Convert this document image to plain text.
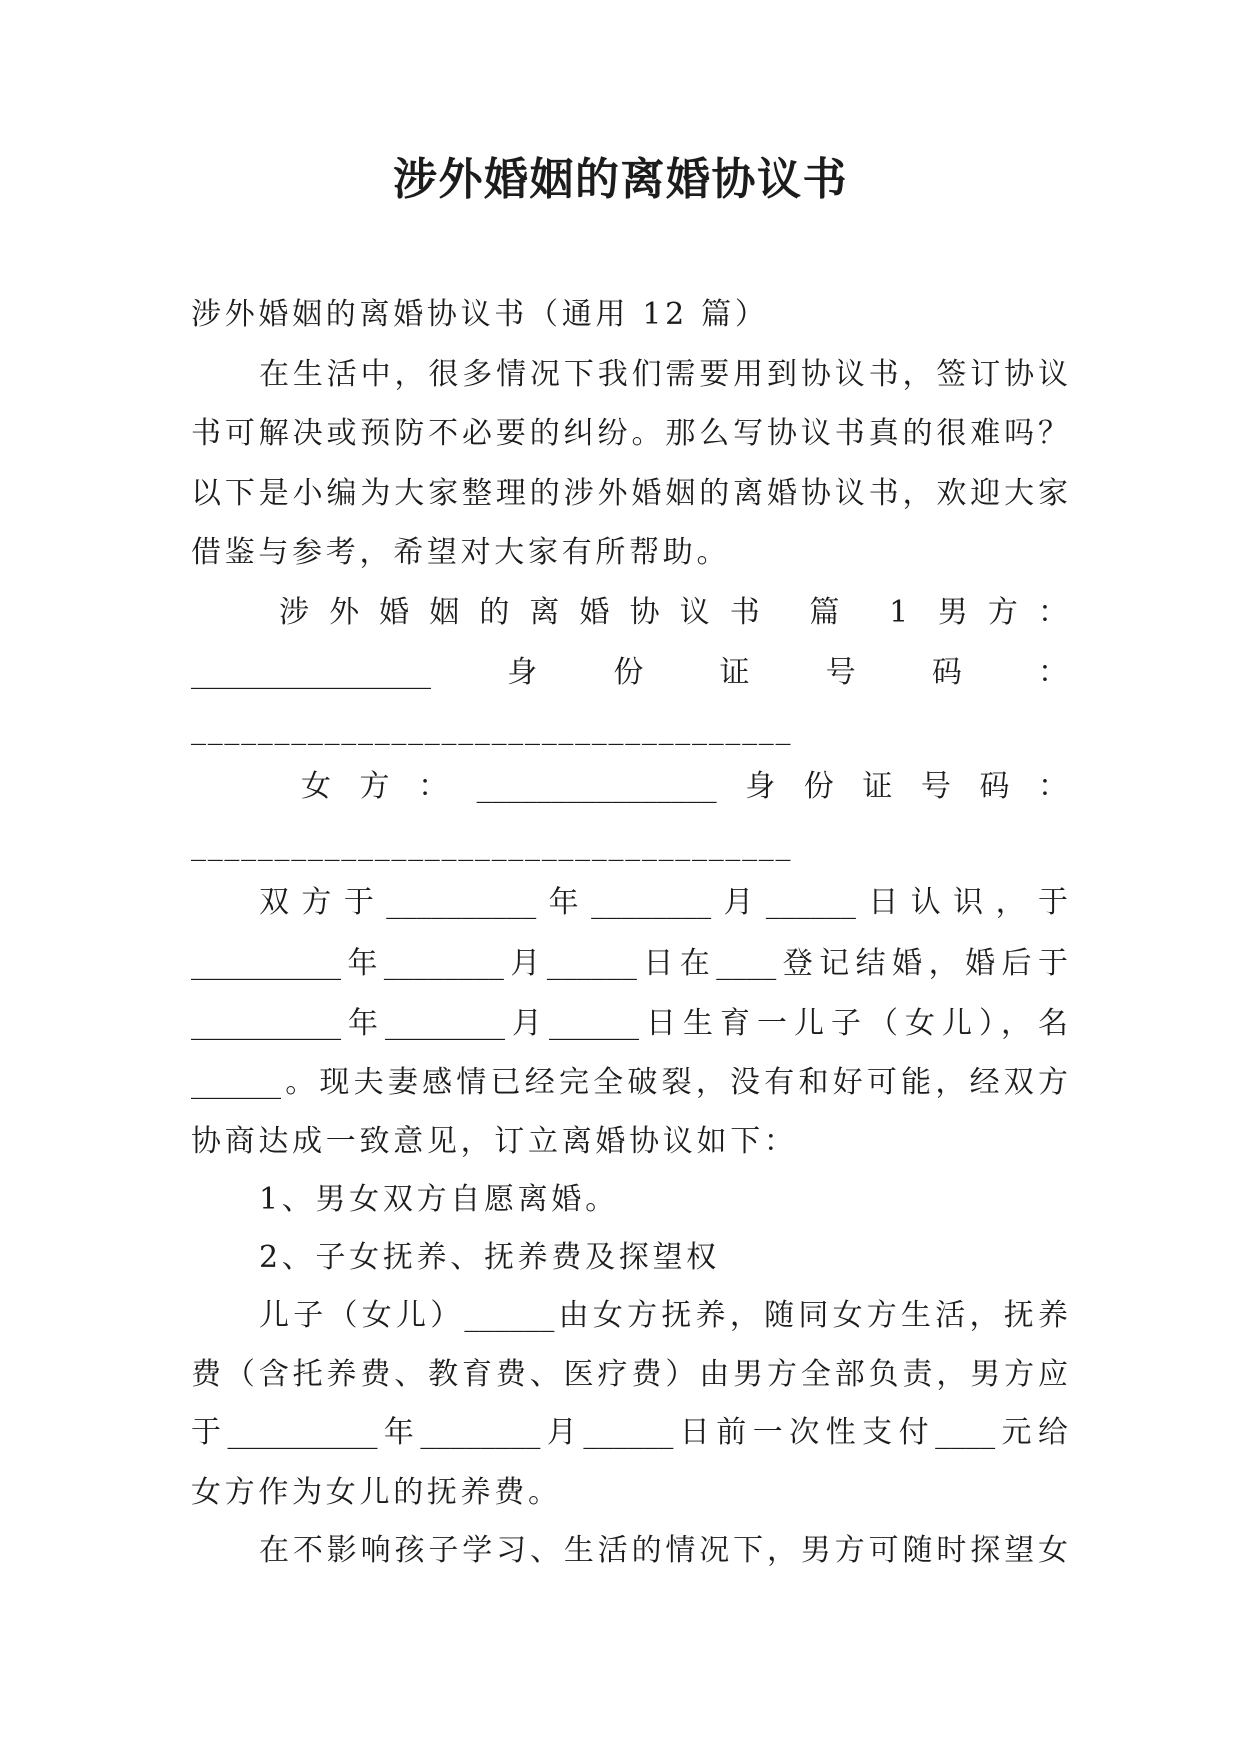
涉外婚姻的离婚协议书
涉外婚姻的离婚协议书（通用 12 篇）
在生活中，很多情况下我们需要用到协议书，签订协议
书可解决或预防不必要的纠纷。那么写协议书真的很难吗？
以下是小编为大家整理的涉外婚姻的离婚协议书，欢迎大家
借鉴与参考，希望对大家有所帮助。
涉外婚姻的离婚协议书 篇 1 男方：
________________身份证号码：
____________________________________
女方：________________身份证号码：
____________________________________
双方于__________年________月______日认识，于
__________年________月______日在____登记结婚，婚后于
__________年________月______日生育一儿子（女儿），名
______。现夫妻感情已经完全破裂，没有和好可能，经双方
协商达成一致意见，订立离婚协议如下：
1、男女双方自愿离婚。
2、子女抚养、抚养费及探望权
儿子（女儿）______由女方抚养，随同女方生活，抚养
费（含托养费、教育费、医疗费）由男方全部负责，男方应
于__________年________月______日前一次性支付____元给
女方作为女儿的抚养费。
在不影响孩子学习、生活的情况下，男方可随时探望女
